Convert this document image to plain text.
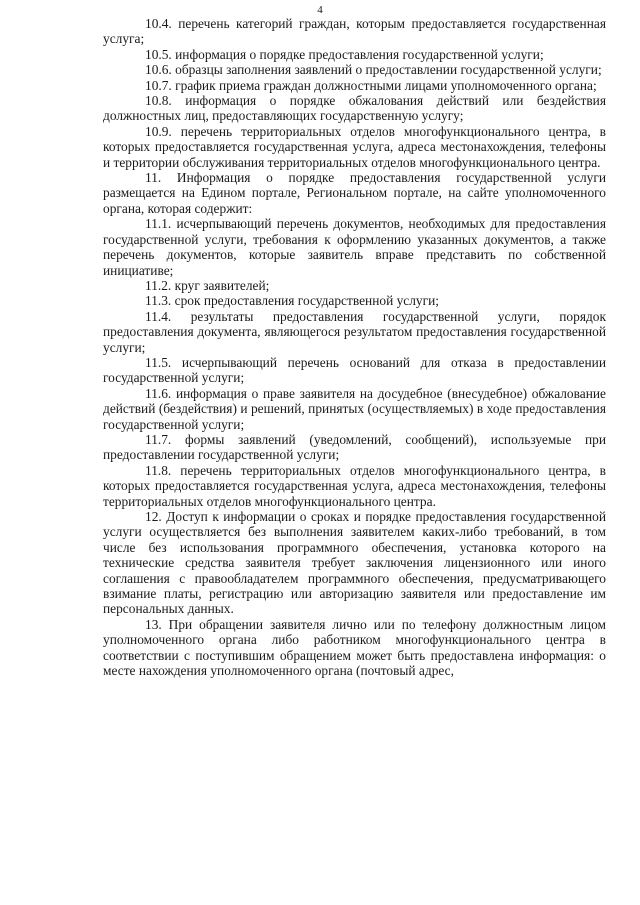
4

10.4. перечень категорий граждан, которым предоставляется государственная услуга;

10.5. информация о порядке предоставления государственной услуги;

10.6. образцы заполнения заявлений о предоставлении государственной услуги;

10.7. график приема граждан должностными лицами уполномоченного органа;

10.8. информация о порядке обжалования действий или бездействия должностных лиц, предоставляющих государственную услугу;

10.9. перечень территориальных отделов многофункционального центра, в которых предоставляется государственная услуга, адреса местонахождения, телефоны и территории обслуживания территориальных отделов многофункционального центра.

11. Информация о порядке предоставления государственной услуги размещается на Едином портале, Региональном портале, на сайте уполномоченного органа, которая содержит:

11.1. исчерпывающий перечень документов, необходимых для предоставления государственной услуги, требования к оформлению указанных документов, а также перечень документов, которые заявитель вправе представить по собственной инициативе;

11.2. круг заявителей;

11.3. срок предоставления государственной услуги;

11.4. результаты предоставления государственной услуги, порядок предоставления документа, являющегося результатом предоставления государственной услуги;

11.5. исчерпывающий перечень оснований для отказа в предоставлении государственной услуги;

11.6. информация о праве заявителя на досудебное (внесудебное) обжалование действий (бездействия) и решений, принятых (осуществляемых) в ходе предоставления государственной услуги;

11.7. формы заявлений (уведомлений, сообщений), используемые при предоставлении государственной услуги;

11.8. перечень территориальных отделов многофункционального центра, в которых предоставляется государственная услуга, адреса местонахождения, телефоны территориальных отделов многофункционального центра.

12. Доступ к информации о сроках и порядке предоставления государственной услуги осуществляется без выполнения заявителем каких-либо требований, в том числе без использования программного обеспечения, установка которого на технические средства заявителя требует заключения лицензионного или иного соглашения с правообладателем программного обеспечения, предусматривающего взимание платы, регистрацию или авторизацию заявителя или предоставление им персональных данных.

13. При обращении заявителя лично или по телефону должностным лицом уполномоченного органа либо работником многофункционального центра в соответствии с поступившим обращением может быть предоставлена информация: о месте нахождения уполномоченного органа (почтовый адрес,
